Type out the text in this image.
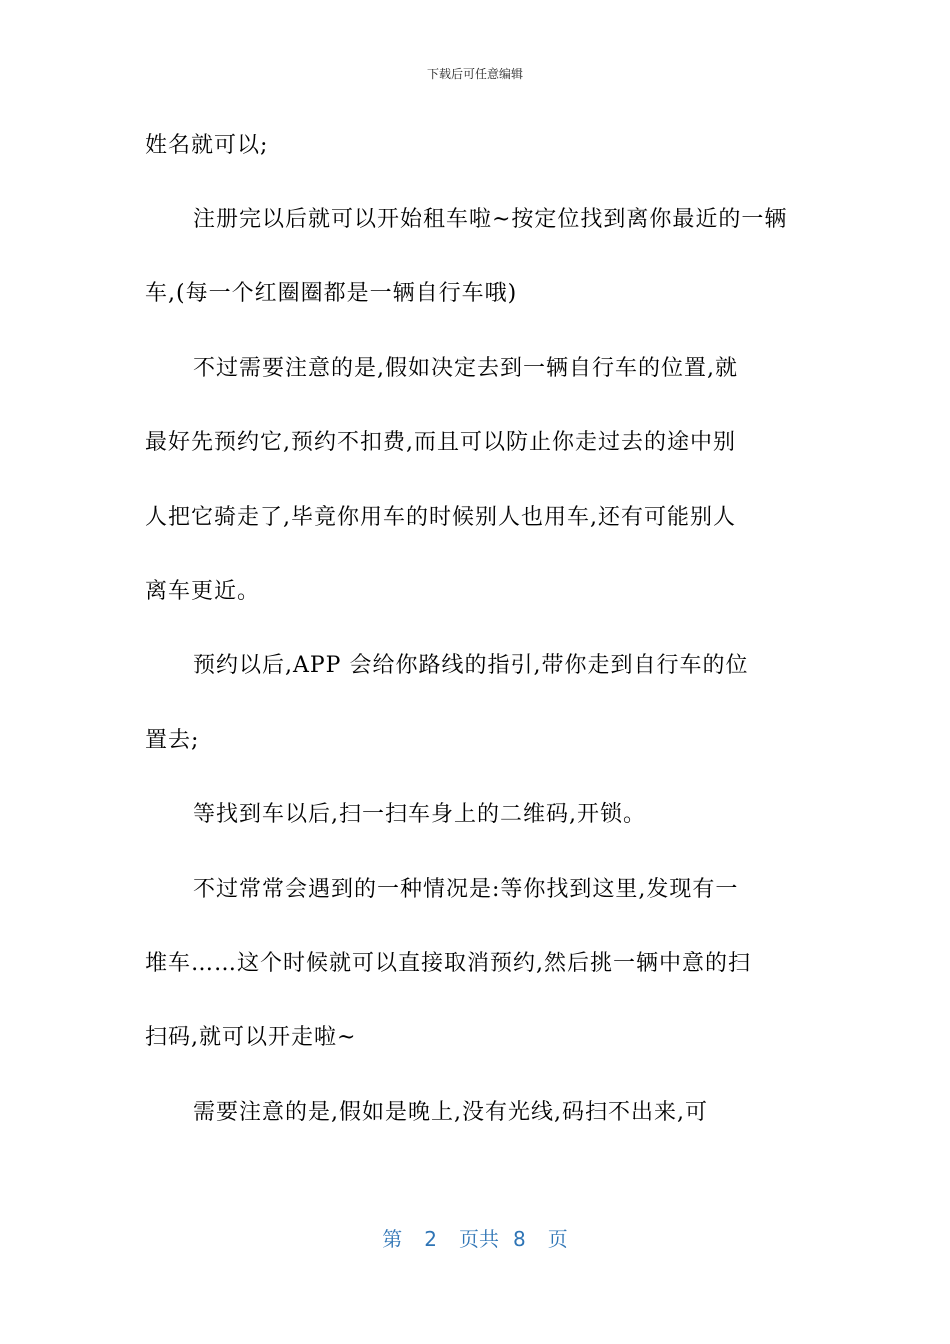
下载后可任意编辑
姓名就可以;
注册完以后就可以开始租车啦~按定位找到离你最近的一辆
车,(每一个红圈圈都是一辆自行车哦)
不过需要注意的是,假如决定去到一辆自行车的位置,就
最好先预约它,预约不扣费,而且可以防止你走过去的途中别
人把它骑走了,毕竟你用车的时候别人也用车,还有可能别人
离车更近。
预约以后,APP 会给你路线的指引,带你走到自行车的位
置去;
等找到车以后,扫一扫车身上的二维码,开锁。
不过常常会遇到的一种情况是:等你找到这里,发现有一
堆车……这个时候就可以直接取消预约,然后挑一辆中意的扫
扫码,就可以开走啦~
需要注意的是,假如是晚上,没有光线,码扫不出来,可
第 2 页共 8 页
